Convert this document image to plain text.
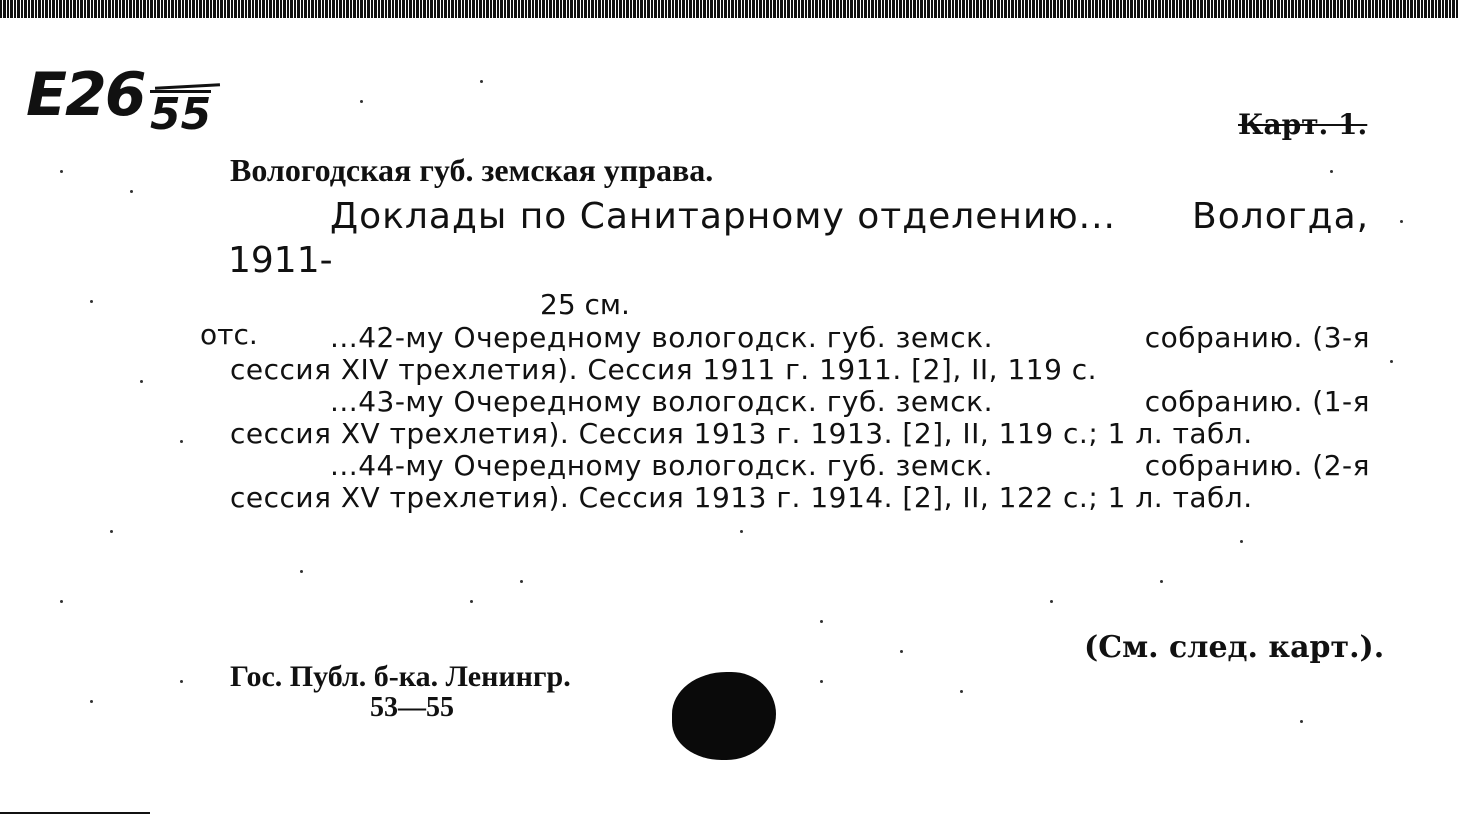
E26 55	Карт. 1.
Вологодская губ. земская управа.
Доклады по Санитарному отделению... Вологда,
1911-
25 см.
отс.	...42-му Очередному вологодск. губ. земск.	собранию. (3-я
сессия XIV трехлетия). Сессия 1911 г. 1911. [2], II, 119 с.
...43-му Очередному вологодск. губ. земск.	собранию. (1-я
сессия XV трехлетия). Сессия 1913 г. 1913. [2], II, 119 с.; 1 л. табл.
...44-му Очередному вологодск. губ. земск.	собранию. (2-я
сессия XV трехлетия). Сессия 1913 г. 1914. [2], II, 122 с.; 1 л. табл.
(См. след. карт.).
Гос. Публ. б-ка. Ленингр.
53—55
